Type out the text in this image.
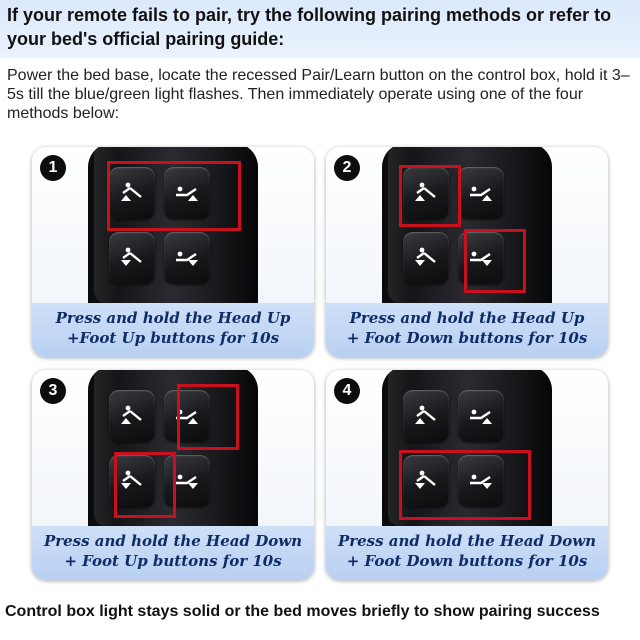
If your remote fails to pair, try the following pairing methods or refer to your bed's official pairing guide:
Power the bed base, locate the recessed Pair/Learn button on the control box, hold it 3–5s till the blue/green light flashes. Then immediately operate using one of the four methods below:
1
Press and hold the Head Up
+Foot Up buttons for 10s
2
Press and hold the Head Up
+ Foot Down buttons for 10s
3
Press and hold the Head Down
+ Foot Up buttons for 10s
4
Press and hold the Head Down
+ Foot Down buttons for 10s
Control box light stays solid or the bed moves briefly to show pairing success
